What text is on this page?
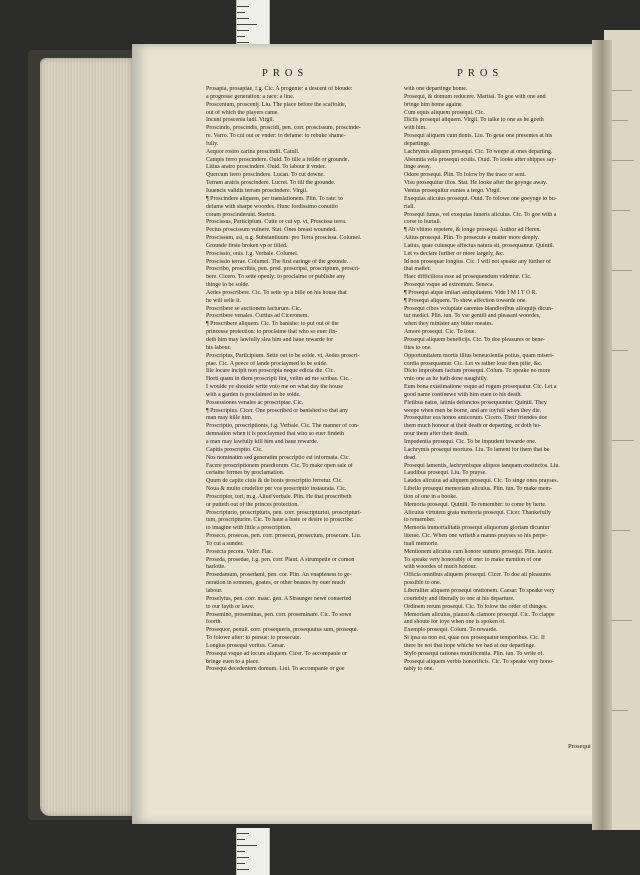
PROS	PROS
Prosapia, prosapiae, f.g. Cic. A progenie: a descent of bloude:
a progresse generation: a race: a line.
Proscenium, proscenij. Liu. The place before the scaffolde,
out of which the players came.
Incunt proscenia ludi. Virgil.
Proscindo, proscindis, proscidi, pen. corr. proscissum, proscinde-
re. Varro. To cut out or vnder: to defame: to rebuke shame-
fully.
Aequor rostro carina proscindit. Catull.
Campis ferro proscindere. Ouid. To tille a feilde or grounde.
Littus aratro proscindere. Ouid. To labour it vnder.
Quercum ferro proscindere. Lucan. To cut downe.
Terram aratris proscindere. Lucret. To till the grounde.
Iuuencis validis terram proscindere. Virgil.
¶ Proscindere aliquem, per translationem. Plin. To rate: to
defame with sharpe woordes. Hunc fordissimo conuitio
coram proscinderunt. Sueton.
Proscissus, Participium. Cutte or cut vp. vt, Proscissa terra.
Pectus proscissum vulnere. Stat. Ones breast wounded.
Proscissum, ssi, n.g. Substantiuum: pro Terra proscissa. Columel.
Grounde firste broken vp or tilled.
Proscissio, onis. f.g. Verbale. Columel.
Proscissio terrae. Columel. The first earinge of the grounde.
Proscribo, proscribis, pen. prod. proscripsi, proscriptum, proscri-
bere. Cicero. To sette openly: to proclaime or publishe any
thinge to be solde.
Aedes proscribere. Cic. To sette vp a bille on his house that
he will selle it.
Proscribere se auctionem facturum. Cic.
Proscribere venales. Curtius ad Ciceronem.
¶ Proscribere aliquem. Cic. To banishe: to put out of the
princesse protection: to proclaime that who so euer fin-
deth him may lawfully slea him and haue rewarde for
his labour.
Proscriptus, Participium. Sette out to be solde. vt, Aedes proscri-
ptae. Cic. A peece of lande proclaymed to be solde.
Ille locare incipit non proscripta neque edicta die. Cic.
Horti quam in diem proscripti fint, velim ad me scribas. Cic.
I woulde ye shoulde write vnto me on what day the house
with a garden is proclaimed to be solde.
Possessiones venales ac proscriptae. Cic.
¶ Proscriptus. Cicer. One proscribed or banished so that any
man may kille him.
Proscriptio, proscriptionis, f.g. Verbale. Cic. The manner of con-
demnation when it is proclaymed that who so euer findeth
a man may lawfully kill him and haue rewarde.
Capitis proscriptio. Cic.
Nos nominatim sed generatim proscriptio est informata. Cic.
Facere proscriptionem praediorum. Cic. To make open sale of
certaine fermes by proclamation.
Quum de capite ciuis & de bonis proscriptio ferretur. Cic.
Noua & multo crudelior per vos proscriptio instaurata. Cic.
Proscriptor, tori, m.g. Aliud verbale. Plin. He that proscribeth
or putteth out of the princes protection.
Proscripturio, proscripturis, pen. corr. proscripturiui, proscripturi-
tum, proscripturire. Cic. To haue a luste or desire to proscribe:
to imagine with little a proscription.
Proseco, prosecas, pen. corr. prosecui, prosectum, prosecare. Liu.
To cut a sunder.
Prosecta pecora. Valer. Flac.
Proseda, prosedae, f.g. pen. corr. Plaut. A strumpette or comon
harlotte.
Prosedamum, prosedami, pen. cor. Plin. An vnapteness to ge-
neration in sommes, goates, or other beastes by ouer much
labour.
Proselytus, pen. corr. masc. gen. A Straunger newe conuerted
to our fayth or lawe.
Prosemino, proseminas, pen. corr. proseminare. Cic. To sowe
foorth.
Prosequor, penult. corr. prosequeris, prosequutus sum, prosequi.
To folowe after: to pursue: to prosecute.
Longius prosequi veritus. Caesar.
Prosequi vsque ad locum aliquem. Cicer. To accompanie or
bringe euen to a place.
Prosequi decedentem domum. Liui. To accompanie or goe
with one departinge home.
Prosequi, & domum reducere. Martial. To goe with one and
bringe him home againe.
Cum equis aliquem prosequi. Cic.
Dictis prosequi aliquem. Virgil. To talke to one as he goeth
with him.
Prosequi aliquem cum donis. Liu. To geue one presentes at his
departinge.
Lachrymis aliquem prosequi. Cic. To weepe at ones departing.
Abeuntia vela prosequi oculis. Ouid. To looke after shippes say-
linge away.
Odore prosequi. Plin. To folow by the trace or sent.
Visu prosequitur illos. Stat. He looke after the goynge away.
Ventus prosequitur euntes a tergo. Virgil.
Exequias alicuius prosequi. Ouid. To folowe one goeynge to bu-
riall.
Prosequi funus, vel exequias funeris alicuius. Cic. To goe with a
corse to buriall.
¶ Ab vltimo repetere, & longe prosequi. Author ad Heren.
Altius prosequi. Plin. To prosecute a matter more deeply.
Latius, quae cuiusque affectus natura sit, prosequamur. Quintil.
Let vs declare further or more largely, &c.
Id non prosequar longius. Cic. I will not speake any further of
that matter.
Haec difficiliora esse ad prosequendum videntur. Cic.
Prosequi vsque ad extremum. Seneca.
¶ Prosequi atque imitari antiquitatem. Vide I M I T O R.
¶ Prosequi aliquem. To shew affection towarde one.
Prosequi cibos voluptate carentes blandioribus alloquijs dicun-
tur medici. Plin. iun. To vse gentill and pleasant woordes,
when they minister any bitter meates.
Amore prosequi. Cic. To loue.
Prosequi aliquem beneficijs. Cic. To doe pleasures or bene-
fites to one.
Opportunitatem mortis illius beneuolentia potius, quam miseri-
cordia prosequamur. Cic. Let vs rather loue then pitie, &c.
Dicto improbum factum prosequi. Colum. To speake no more
vnto one as he hath done naughtily.
Eum bona existimatione vsque ad rogum prosequatur. Cic. Let a
good name continewe with him euen to his death.
Fletibus natos, latinia defunctos prosequuntur. Quintil. They
weepe when men be borne, and are ioyfull when they die.
Prosequitur eos honos amicorum. Cicero. Their friendes doe
them much honour at their death or departing, or doth ho-
nour them after their death.
Impudentia prosequi. Cic. To be impudent towarde one.
Lachrymis prosequi mortuos. Liu. To lament for them that be
dead.
Prosequi lamentis, lachrymisque aliquos tanquam exstinctos. Liu.
Laudibus prosequi. Liu. To prayse.
Laudes alicuius ad aliquem prosequi. Cic. To singe ones prayses.
Libello prosequi memoriam alicuius. Plin. iun. To make mem-
tion of one in a booke.
Memoria prosequi. Quintil. To remember: to come by herte.
Alicuius virtutem grata memoria prosequi. Cicer. Thankefully
to remember.
Memoria immortalitatis prosequi aliquorum gloriam dicuntur
literae. Cic. When one writeth a manns prayses so his perpe-
tuall memorie.
Mentionem alicuius cum honore summo prosequi. Plin. iunior.
To speake very honorably of one: to make mention of one
with woordes of much honour.
Officia omnibus aliquem prosequi. Cicer. To doe all pleasures
possible to one.
Liberaliter aliquem prosequi orationem. Caesar. To speake very
courteisly and liberally to one at his departure.
Ordinem rerum prosequi. Cic. To folow the order of thinges.
Memoriam alicuius, plausu & clamore prosequi. Cic. To clappe
and shoute for ioye when one is spoken of.
Exemplo prosequi. Colum. To rewarde.
Si ipsa ea non est, quae nos prosequatur temporibus. Cic. If
there be not that hope whiche we had at our departinge.
Stylo prosequi rationes munificentia. Plin. iun. To write of.
Prosequi aliquem verbis honorificis. Cic. To speake very hono-
rably to one.
Prosequi
